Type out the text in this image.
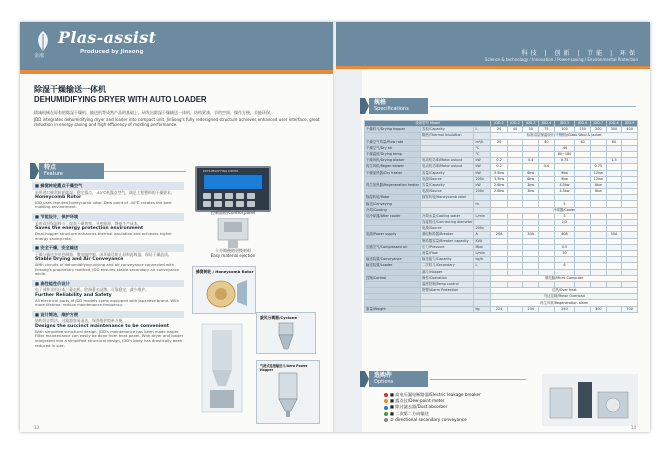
金凇
Plas-assist
Produced by Jinsong
除湿干燥输送一体机
DEHUMIDIFYING DRYER WITH AUTO LOADER

精诚机械在原有的除湿干燥机、输送机等成熟产品的基础上，研发出除湿干燥输送一体机，结构紧凑，节约空间，操作方便，节能环保。

JDD integrates dehumidifying dryer and loader into compact unit, JinSong's fully redesigned structure achieves enhanced user interface, great reduction in energy saving and high efficiency of molding performance.

特点
Feature
■ 蜂窝转轮露点干燥空气
采用进口蜂窝转轮除湿，稳定露点，-40℃低露点空气，满足工程塑料的干燥要求。
Honeycomb Rotor
JDD uses reputed honeycomb rotor. Dew point of -40℃ creates the best molding environment.
■ 节能设计，保护环境
采用双层保温料斗，提高干燥效率，节省能源，降低生产成本。
Saves the energy protection environment
Dual-hopper structure enhances thermal insulation and achieves higher energy saving rate.
■ 安全干燥，安全输送
干燥与输送共用控制器，微电脑控制，闭环输送防止原料再吸湿，保证干燥品质。
Stable Drying and Air Conveyance
With circuits of dehumidifying-drying and air conveyance connected with Jinsong's proprietary method, JDD ensures stable secondary air conveyance while.
■ 高性能性价设计
电子部件采用日本三菱电机，欧洲著名品牌，可靠稳定，减少维护。
Further Reliability and Safety
All electrical parts of JDD models come equipped with Japanese brand. With more lifetime, reduce maintenance frequency.
■ 设计简洁，维护方便
结构设计简洁，过滤器容易清洁，保养维护简单方便。
Designs the succinct maintenance to be convenient
With simplified structural design, JDD's maintenance has been made easier. Filter maintenance can easily be done from front panel. With dryer and loader integrated into a simplified structural design, JDD's body has drastically been reduced in size.
DEHUMIDIFYING DRYER
控制面板/Control panel
十分简便的更换材料
Easy material ejection
蜂窝转轮 / Honeycomb Rotor
旋风分离器/Cyclone
气流式连接输送斗/Aero Power Hopper
13
科技 | 创新 | 节能 | 环保
Science & technology / Innovation / Power-saving / Environmental Protection
规格
Specifications
设备型号 Model			JDD-1	JDD-2	JDD-3	JDD-4	JDD-5	JDD-6	JDD-7	JDD-8	JDD-9
干燥料斗/Drying hopper	容积/Capacity	L	20	40	50	75	100	150	200	300	400
	隔热/Thermal Insulation		标准双层保温设计(不锈钢)/Glass Wool & Jacket								
干燥空气风量/Flow rate		m³/h	20			40		60		80	
干燥空气/Dry air		℃					-40				
干燥温度/Drying temp		℃					80~180				
干燥风机/Drying blower	电动机功率/Motor output	kW	0.2		0.4		0.75			1.5	
再生风机/Regen blower	电动机功率/Motor output	kW	0.2			0.4			0.75		
干燥加热器/Dry heater	容量/Capacity	kW	3.5kw		6kw		9kw		12kw		
	电源/Source	200v	3.5kw		6kw		9kw		12kw		
再生加热器/Regeneration heater	容量/Capacity	kW	2.6kw		3kw		4.5kw		6kw		
	电源/Source	200v	2.6kw		3kw		4.5kw		6kw		
除湿转轮/Rotor	蜂窝转轮/Honeycomb rotor										
输送/Conveying		m					5				
冷却/Cooling			冷却器/Cooler								
后冷却器/After cooler	冷却水量/Cooling water	L/min					3				
	连接管径/Connecting diameter						1/2				
	电源/Source	200v									
电源/Power supply	漏电断路器/Breaker	A	20A		30A		40A			50A	
	断路器容量/Breaker capacity	KVA									
压缩空气/Compressed air	压力/Pressure	Mpa					0.5				
	流量/Flow	L/min					50				
输送装置/Conveyance	输送能力/Capacity	kg/h									
输送装置/Loader	二次料斗/Secondary	L					6				
	漏斗/Hopper										
控制/Control	操作/Operation		微电脑/Micro Computer								
	温度控制/Temp control										
	报警/Alarm Protection		过热/Over heat								
			马达过载/Motor Overload								
			再生异常/Regeneration alarm								
重量/Weight		kg	224		234		250		300		700
选购件
Options
■ 高电压漏电断路器/Electric leakage breaker
■ 露点仪/Dew-point meter
■ 除过滤去器/Dust absorber
■ 二次第二方向输送
② directional secondary conveyance
14
